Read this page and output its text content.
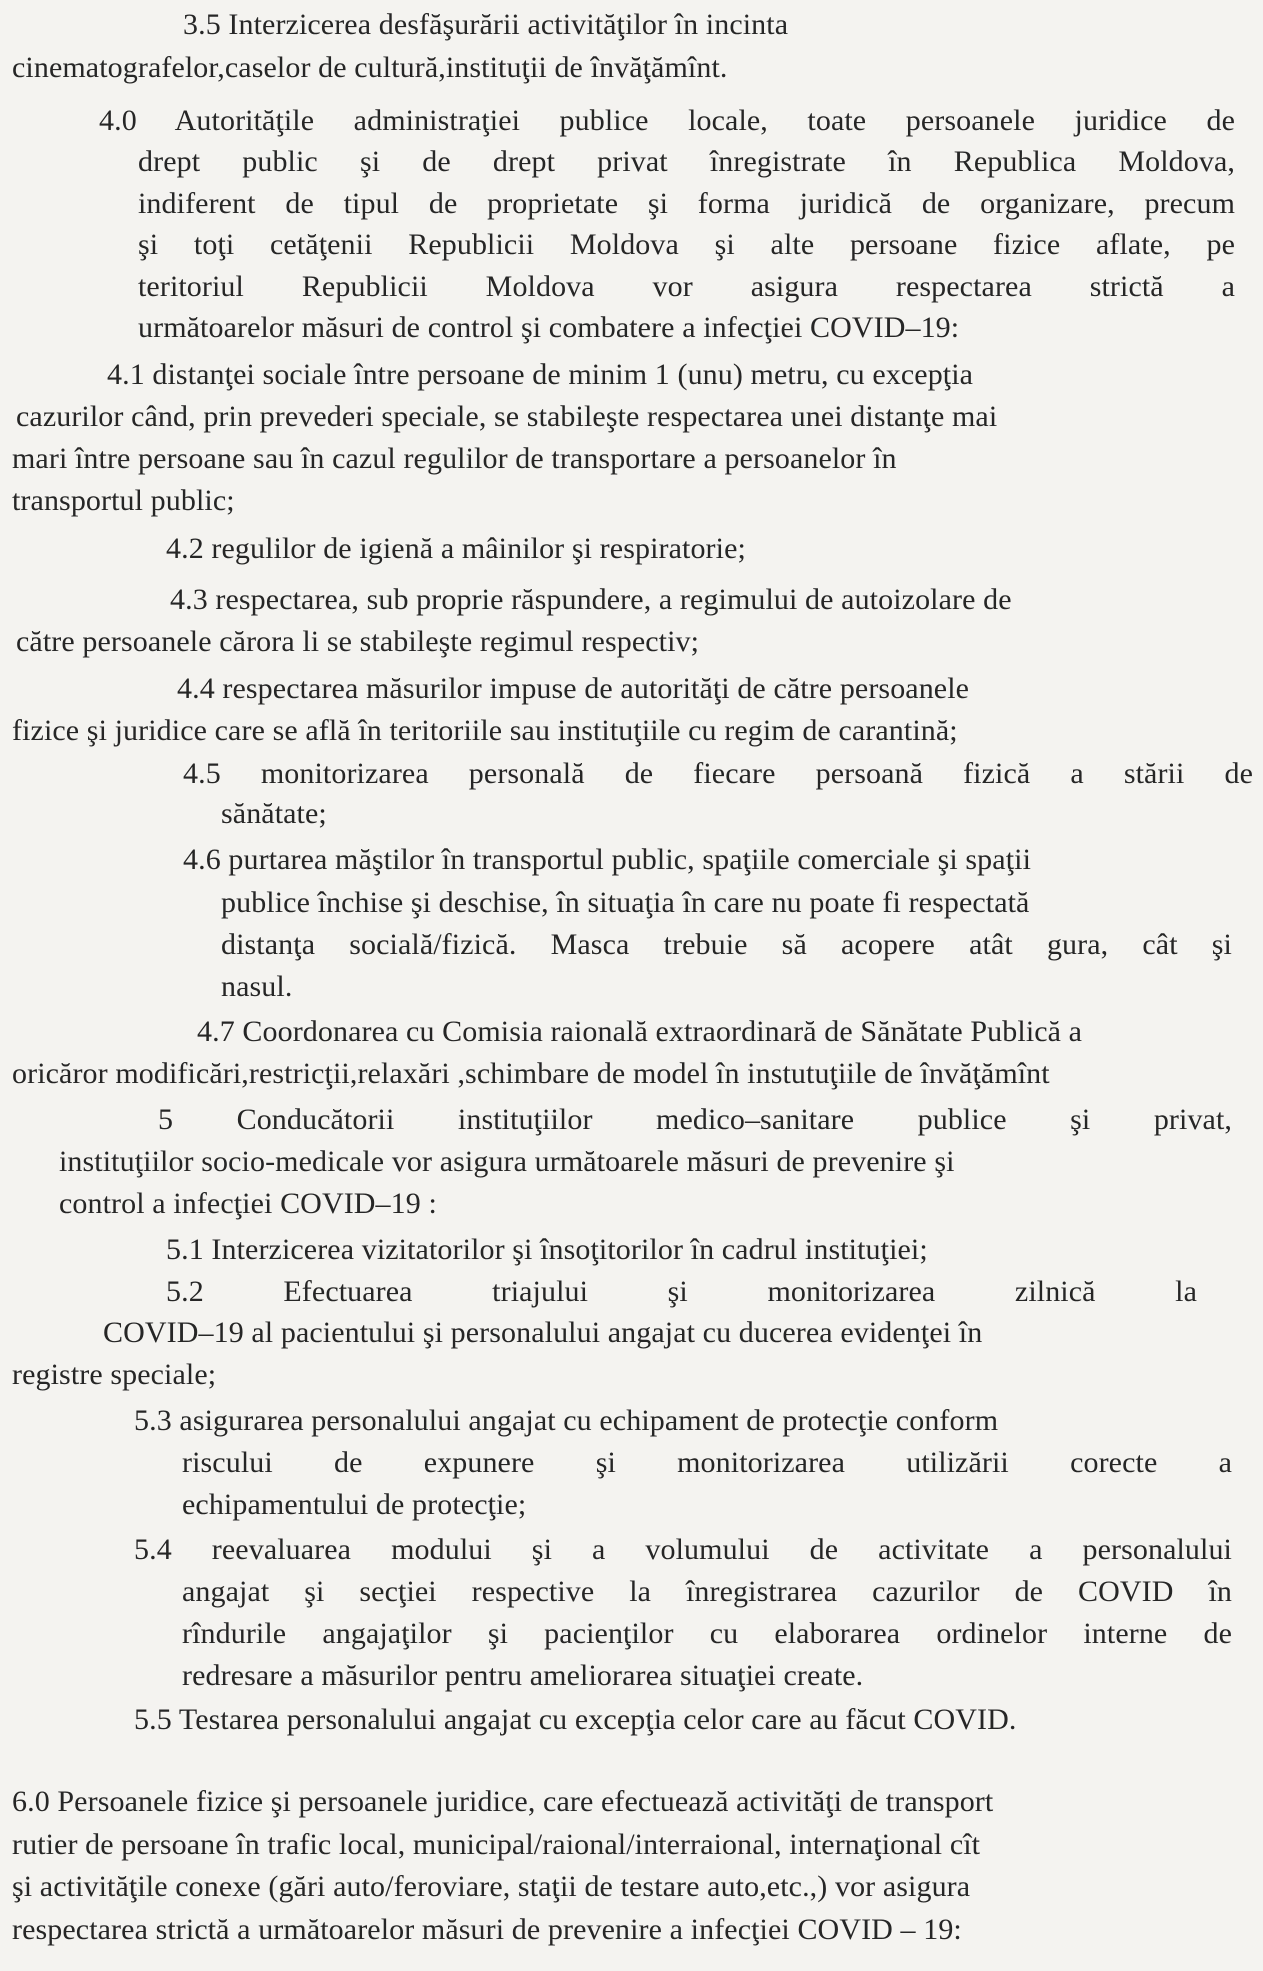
3.5 Interzicerea desfăşurării activităţilor în incinta
cinematografelor,caselor de cultură,instituţii de învăţămînt.
4.0 Autorităţile administraţiei publice locale, toate persoanele juridice de
drept public şi de drept privat înregistrate în Republica Moldova,
indiferent de tipul de proprietate şi forma juridică de organizare, precum
şi toţi cetăţenii Republicii Moldova şi alte persoane fizice aflate, pe
teritoriul Republicii Moldova vor asigura respectarea strictă a
următoarelor măsuri de control şi combatere a infecţiei COVID–19:
4.1 distanţei sociale între persoane de minim 1 (unu) metru, cu excepţia
cazurilor când, prin prevederi speciale, se stabileşte respectarea unei distanţe mai
mari între persoane sau în cazul regulilor de transportare a persoanelor în
transportul public;
4.2 regulilor de igienă a mâinilor şi respiratorie;
4.3 respectarea, sub proprie răspundere, a regimului de autoizolare de
către persoanele cărora li se stabileşte regimul respectiv;
4.4 respectarea măsurilor impuse de autorităţi de către persoanele
fizice şi juridice care se află în teritoriile sau instituţiile cu regim de carantină;
4.5 monitorizarea personală de fiecare persoană fizică a stării de
sănătate;
4.6 purtarea măştilor în transportul public, spaţiile comerciale şi spaţii
publice închise şi deschise, în situaţia în care nu poate fi respectată
distanţa socială/fizică. Masca trebuie să acopere atât gura, cât şi
nasul.
4.7 Coordonarea cu Comisia raională extraordinară de Sănătate Publică a
oricăror modificări,restricţii,relaxări ,schimbare de model în instutuţiile de învăţămînt
5 Conducătorii instituţiilor medico–sanitare publice şi privat,
instituţiilor socio-medicale vor asigura următoarele măsuri de prevenire şi
control a infecţiei COVID–19 :
5.1 Interzicerea vizitatorilor şi însoţitorilor în cadrul instituţiei;
5.2 Efectuarea triajului şi monitorizarea zilnică la
COVID–19 al pacientului şi personalului angajat cu ducerea evidenţei în
registre speciale;
5.3 asigurarea personalului angajat cu echipament de protecţie conform
riscului de expunere şi monitorizarea utilizării corecte a
echipamentului de protecţie;
5.4 reevaluarea modului şi a volumului de activitate a personalului
angajat şi secţiei respective la înregistrarea cazurilor de COVID în
rîndurile angajaţilor şi pacienţilor cu elaborarea ordinelor interne de
redresare a măsurilor pentru ameliorarea situaţiei create.
5.5 Testarea personalului angajat cu excepţia celor care au făcut COVID.
6.0 Persoanele fizice şi persoanele juridice, care efectuează activităţi de transport
rutier de persoane în trafic local, municipal/raional/interraional, internaţional cît
şi activităţile conexe (gări auto/feroviare, staţii de testare auto,etc.,) vor asigura
respectarea strictă a următoarelor măsuri de prevenire a infecţiei COVID – 19:
